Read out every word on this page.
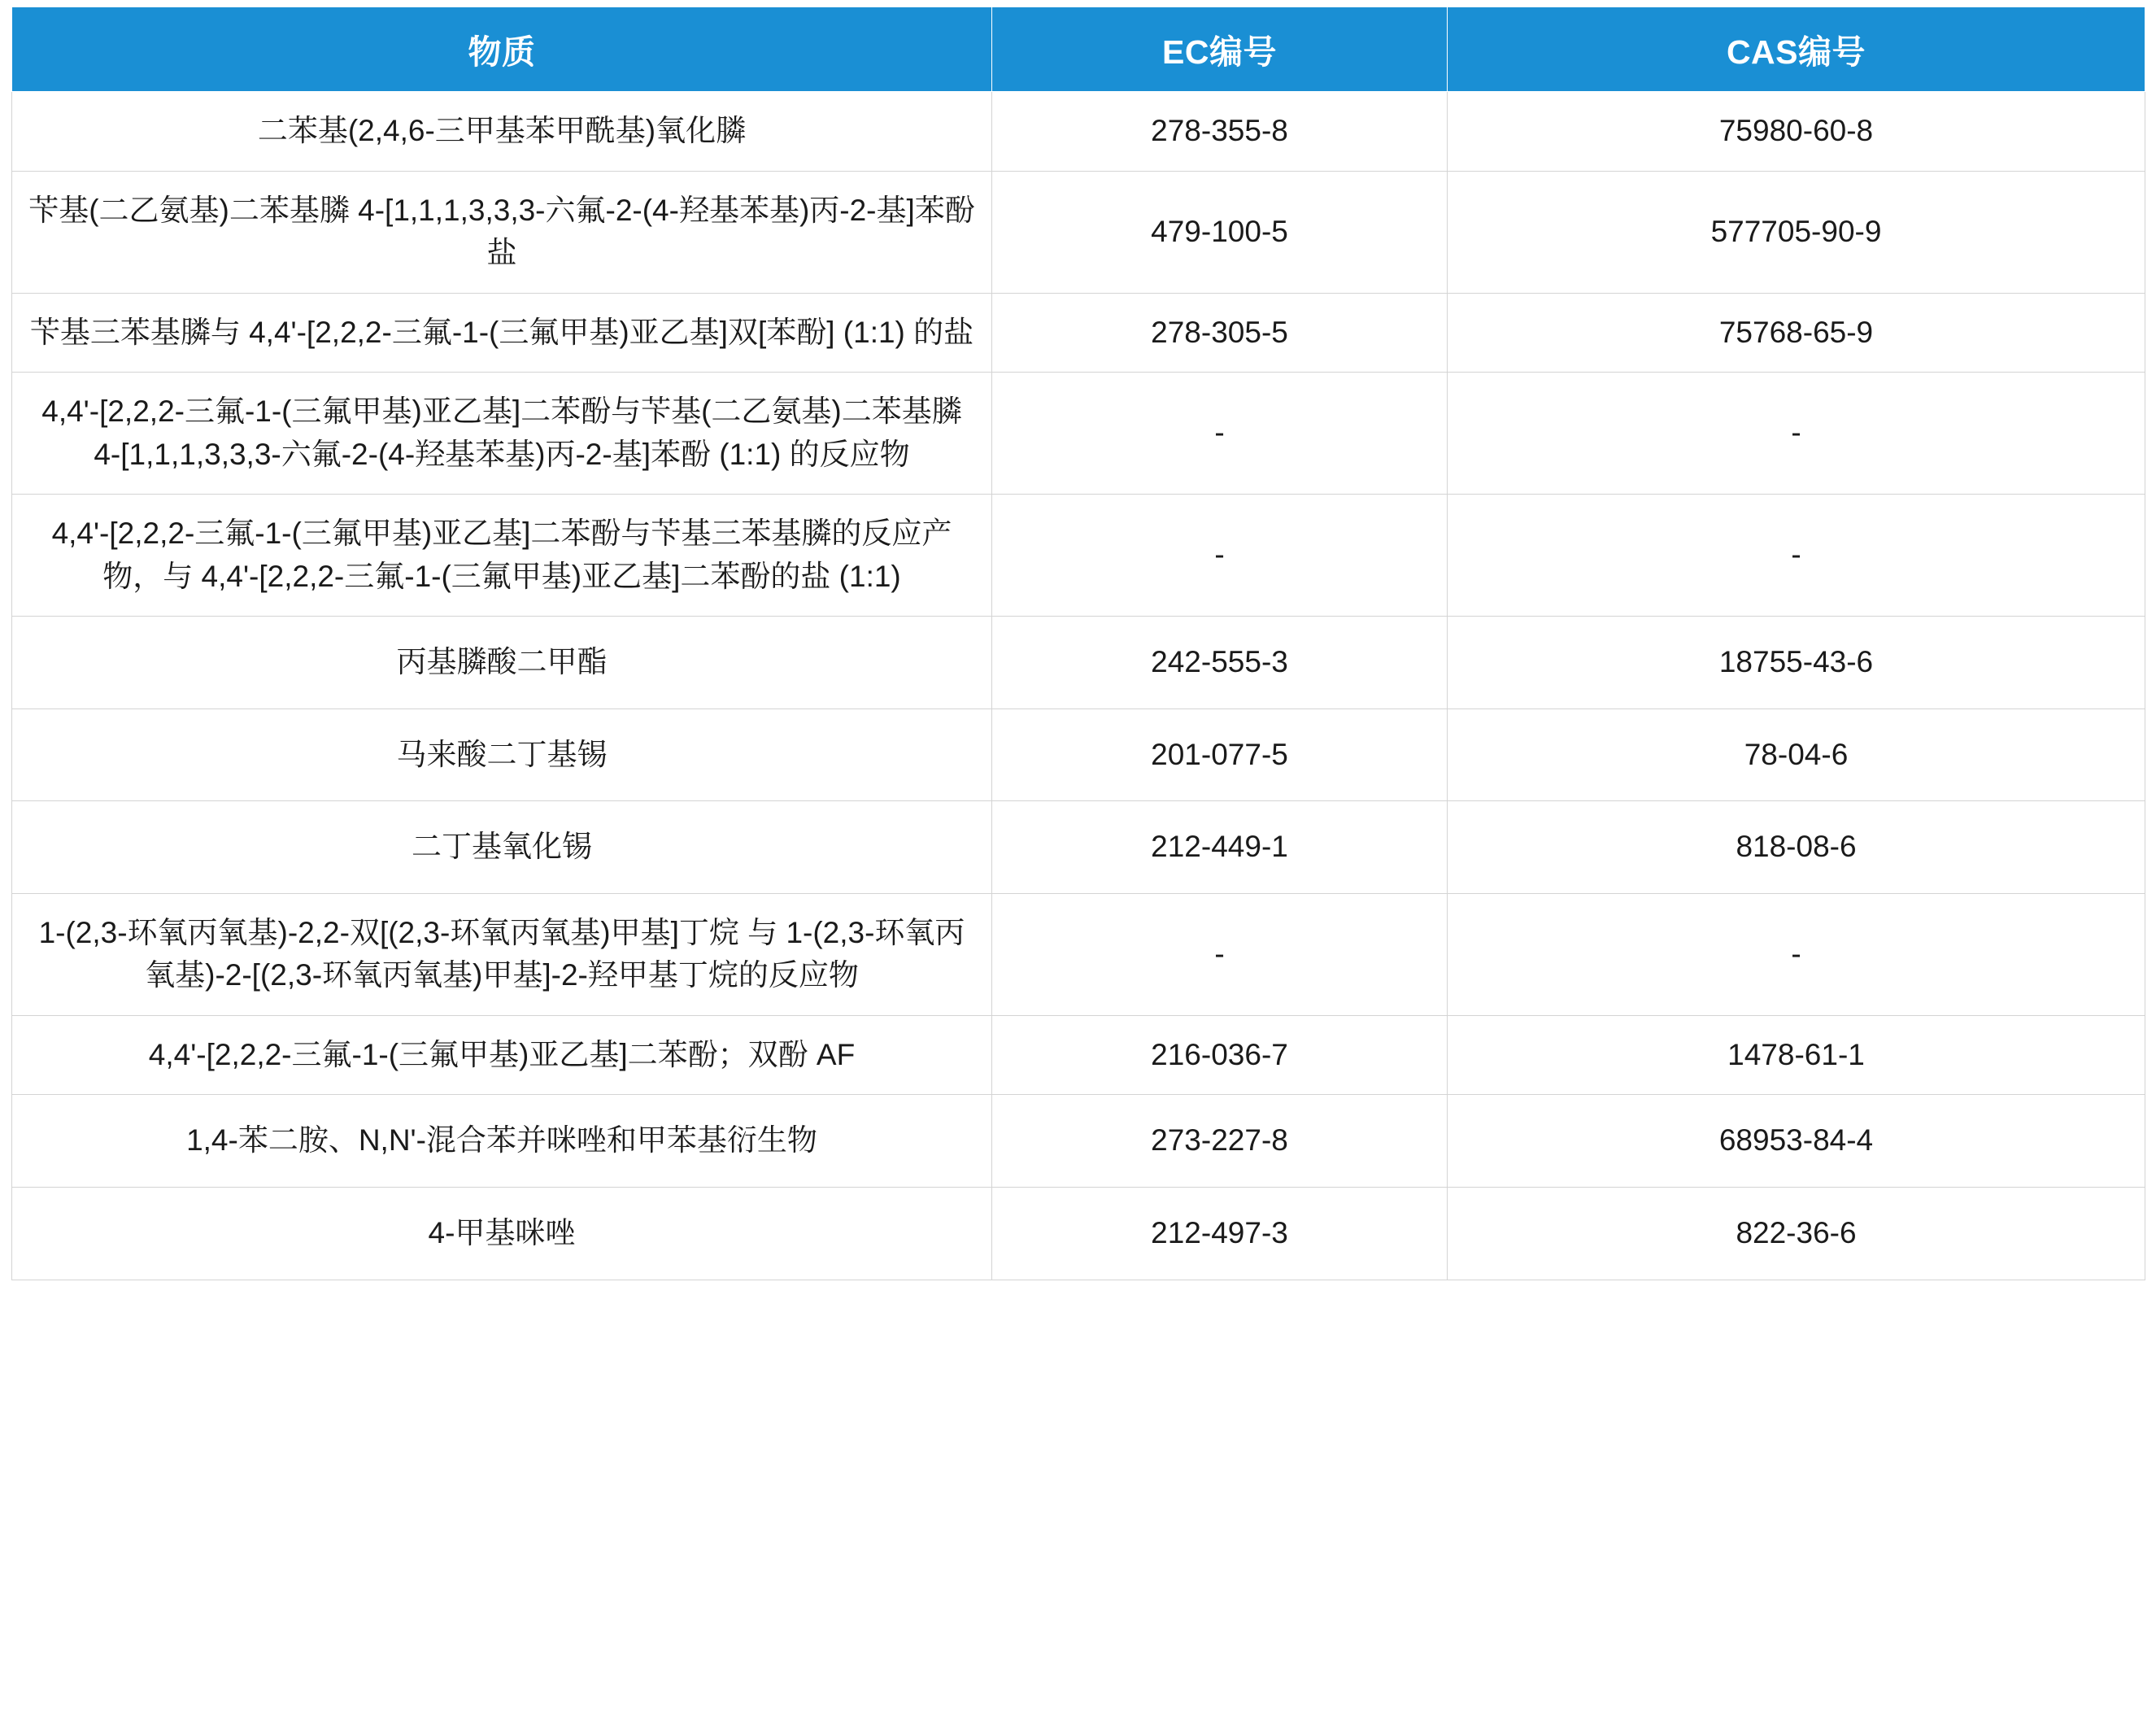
物质	EC编号	CAS编号
二苯基(2,4,6-三甲基苯甲酰基)氧化膦	278-355-8	75980-60-8
苄基(二乙氨基)二苯基膦 4-[1,1,1,3,3,3-六氟-2-(4-羟基苯基)丙-2-基]苯酚盐	479-100-5	577705-90-9
苄基三苯基膦与 4,4'-[2,2,2-三氟-1-(三氟甲基)亚乙基]双[苯酚] (1:1) 的盐	278-305-5	75768-65-9
4,4'-[2,2,2-三氟-1-(三氟甲基)亚乙基]二苯酚与苄基(二乙氨基)二苯基膦 4-[1,1,1,3,3,3-六氟-2-(4-羟基苯基)丙-2-基]苯酚 (1:1) 的反应物	-	-
4,4'-[2,2,2-三氟-1-(三氟甲基)亚乙基]二苯酚与苄基三苯基膦的反应产物，与 4,4'-[2,2,2-三氟-1-(三氟甲基)亚乙基]二苯酚的盐 (1:1)	-	-
丙基膦酸二甲酯	242-555-3	18755-43-6
马来酸二丁基锡	201-077-5	78-04-6
二丁基氧化锡	212-449-1	818-08-6
1-(2,3-环氧丙氧基)-2,2-双[(2,3-环氧丙氧基)甲基]丁烷 与 1-(2,3-环氧丙氧基)-2-[(2,3-环氧丙氧基)甲基]-2-羟甲基丁烷的反应物	-	-
4,4'-[2,2,2-三氟-1-(三氟甲基)亚乙基]二苯酚；双酚 AF	216-036-7	1478-61-1
1,4-苯二胺、N,N'-混合苯并咪唑和甲苯基衍生物	273-227-8	68953-84-4
4-甲基咪唑	212-497-3	822-36-6
